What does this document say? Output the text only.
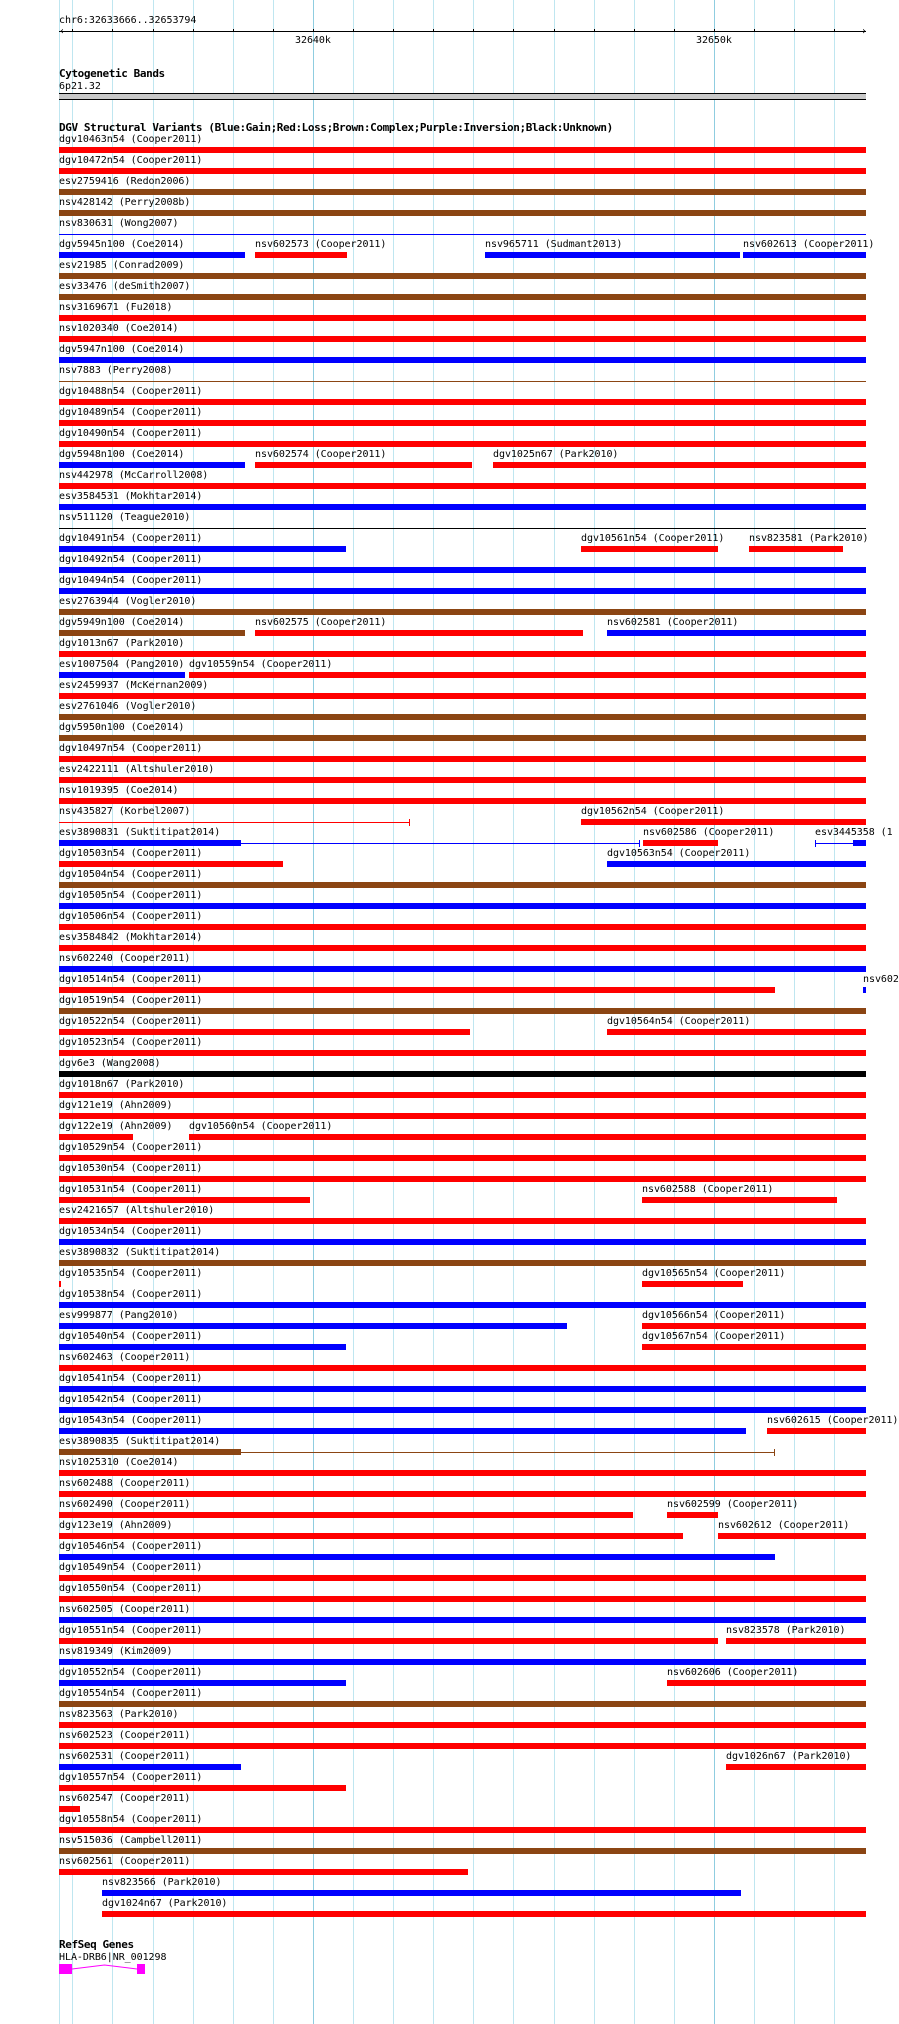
chr6:32633666..32653794
‹	›
32640k	32650k
Cytogenetic Bands
6p21.32
DGV Structural Variants (Blue:Gain;Red:Loss;Brown:Complex;Purple:Inversion;Black:Unknown)
dgv10463n54 (Cooper2011)
dgv10472n54 (Cooper2011)
esv2759416 (Redon2006)
nsv428142 (Perry2008b)
nsv830631 (Wong2007)
dgv5945n100 (Coe2014)	nsv602573 (Cooper2011)	nsv965711 (Sudmant2013)	nsv602613 (Cooper2011)
esv21985 (Conrad2009)
esv33476 (deSmith2007)
nsv3169671 (Fu2018)
nsv1020340 (Coe2014)
dgv5947n100 (Coe2014)
nsv7883 (Perry2008)
dgv10488n54 (Cooper2011)
dgv10489n54 (Cooper2011)
dgv10490n54 (Cooper2011)
dgv5948n100 (Coe2014)	nsv602574 (Cooper2011)	dgv1025n67 (Park2010)
nsv442978 (McCarroll2008)
esv3584531 (Mokhtar2014)
nsv511120 (Teague2010)
dgv10491n54 (Cooper2011)	dgv10561n54 (Cooper2011) nsv823581 (Park2010)
dgv10492n54 (Cooper2011)
dgv10494n54 (Cooper2011)
esv2763944 (Vogler2010)
dgv5949n100 (Coe2014)	nsv602575 (Cooper2011)	nsv602581 (Cooper2011)
dgv1013n67 (Park2010)
esv1007504 (Pang2010) dgv10559n54 (Cooper2011)
esv2459937 (McKernan2009)
esv2761046 (Vogler2010)
dgv5950n100 (Coe2014)
dgv10497n54 (Cooper2011)
esv2422111 (Altshuler2010)
nsv1019395 (Coe2014)
nsv435827 (Korbel2007)	dgv10562n54 (Cooper2011)
esv3890831 (Suktitipat2014)	nsv602586 (Cooper2011)	esv3445358 (1
dgv10503n54 (Cooper2011)	dgv10563n54 (Cooper2011)
dgv10504n54 (Cooper2011)
dgv10505n54 (Cooper2011)
dgv10506n54 (Cooper2011)
esv3584842 (Mokhtar2014)
nsv602240 (Cooper2011)
dgv10514n54 (Cooper2011)	nsv602
dgv10519n54 (Cooper2011)
dgv10522n54 (Cooper2011)	dgv10564n54 (Cooper2011)
dgv10523n54 (Cooper2011)
dgv6e3 (Wang2008)
dgv1018n67 (Park2010)
dgv121e19 (Ahn2009)
dgv122e19 (Ahn2009) dgv10560n54 (Cooper2011)
dgv10529n54 (Cooper2011)
dgv10530n54 (Cooper2011)
dgv10531n54 (Cooper2011)	nsv602588 (Cooper2011)
esv2421657 (Altshuler2010)
dgv10534n54 (Cooper2011)
esv3890832 (Suktitipat2014)
dgv10535n54 (Cooper2011)	dgv10565n54 (Cooper2011)
dgv10538n54 (Cooper2011)
esv999877 (Pang2010)	dgv10566n54 (Cooper2011)
dgv10540n54 (Cooper2011)	dgv10567n54 (Cooper2011)
nsv602463 (Cooper2011)
dgv10541n54 (Cooper2011)
dgv10542n54 (Cooper2011)
dgv10543n54 (Cooper2011)	nsv602615 (Cooper2011)
esv3890835 (Suktitipat2014)
nsv1025310 (Coe2014)
nsv602488 (Cooper2011)
nsv602490 (Cooper2011)	nsv602599 (Cooper2011)
dgv123e19 (Ahn2009)	nsv602612 (Cooper2011)
dgv10546n54 (Cooper2011)
dgv10549n54 (Cooper2011)
dgv10550n54 (Cooper2011)
nsv602505 (Cooper2011)
dgv10551n54 (Cooper2011)	nsv823578 (Park2010)
nsv819349 (Kim2009)
dgv10552n54 (Cooper2011)	nsv602606 (Cooper2011)
dgv10554n54 (Cooper2011)
nsv823563 (Park2010)
nsv602523 (Cooper2011)
nsv602531 (Cooper2011)	dgv1026n67 (Park2010)
dgv10557n54 (Cooper2011)
nsv602547 (Cooper2011)
dgv10558n54 (Cooper2011)
nsv515036 (Campbell2011)
nsv602561 (Cooper2011)
nsv823566 (Park2010)
dgv1024n67 (Park2010)
RefSeq Genes
HLA-DRB6|NR_001298
